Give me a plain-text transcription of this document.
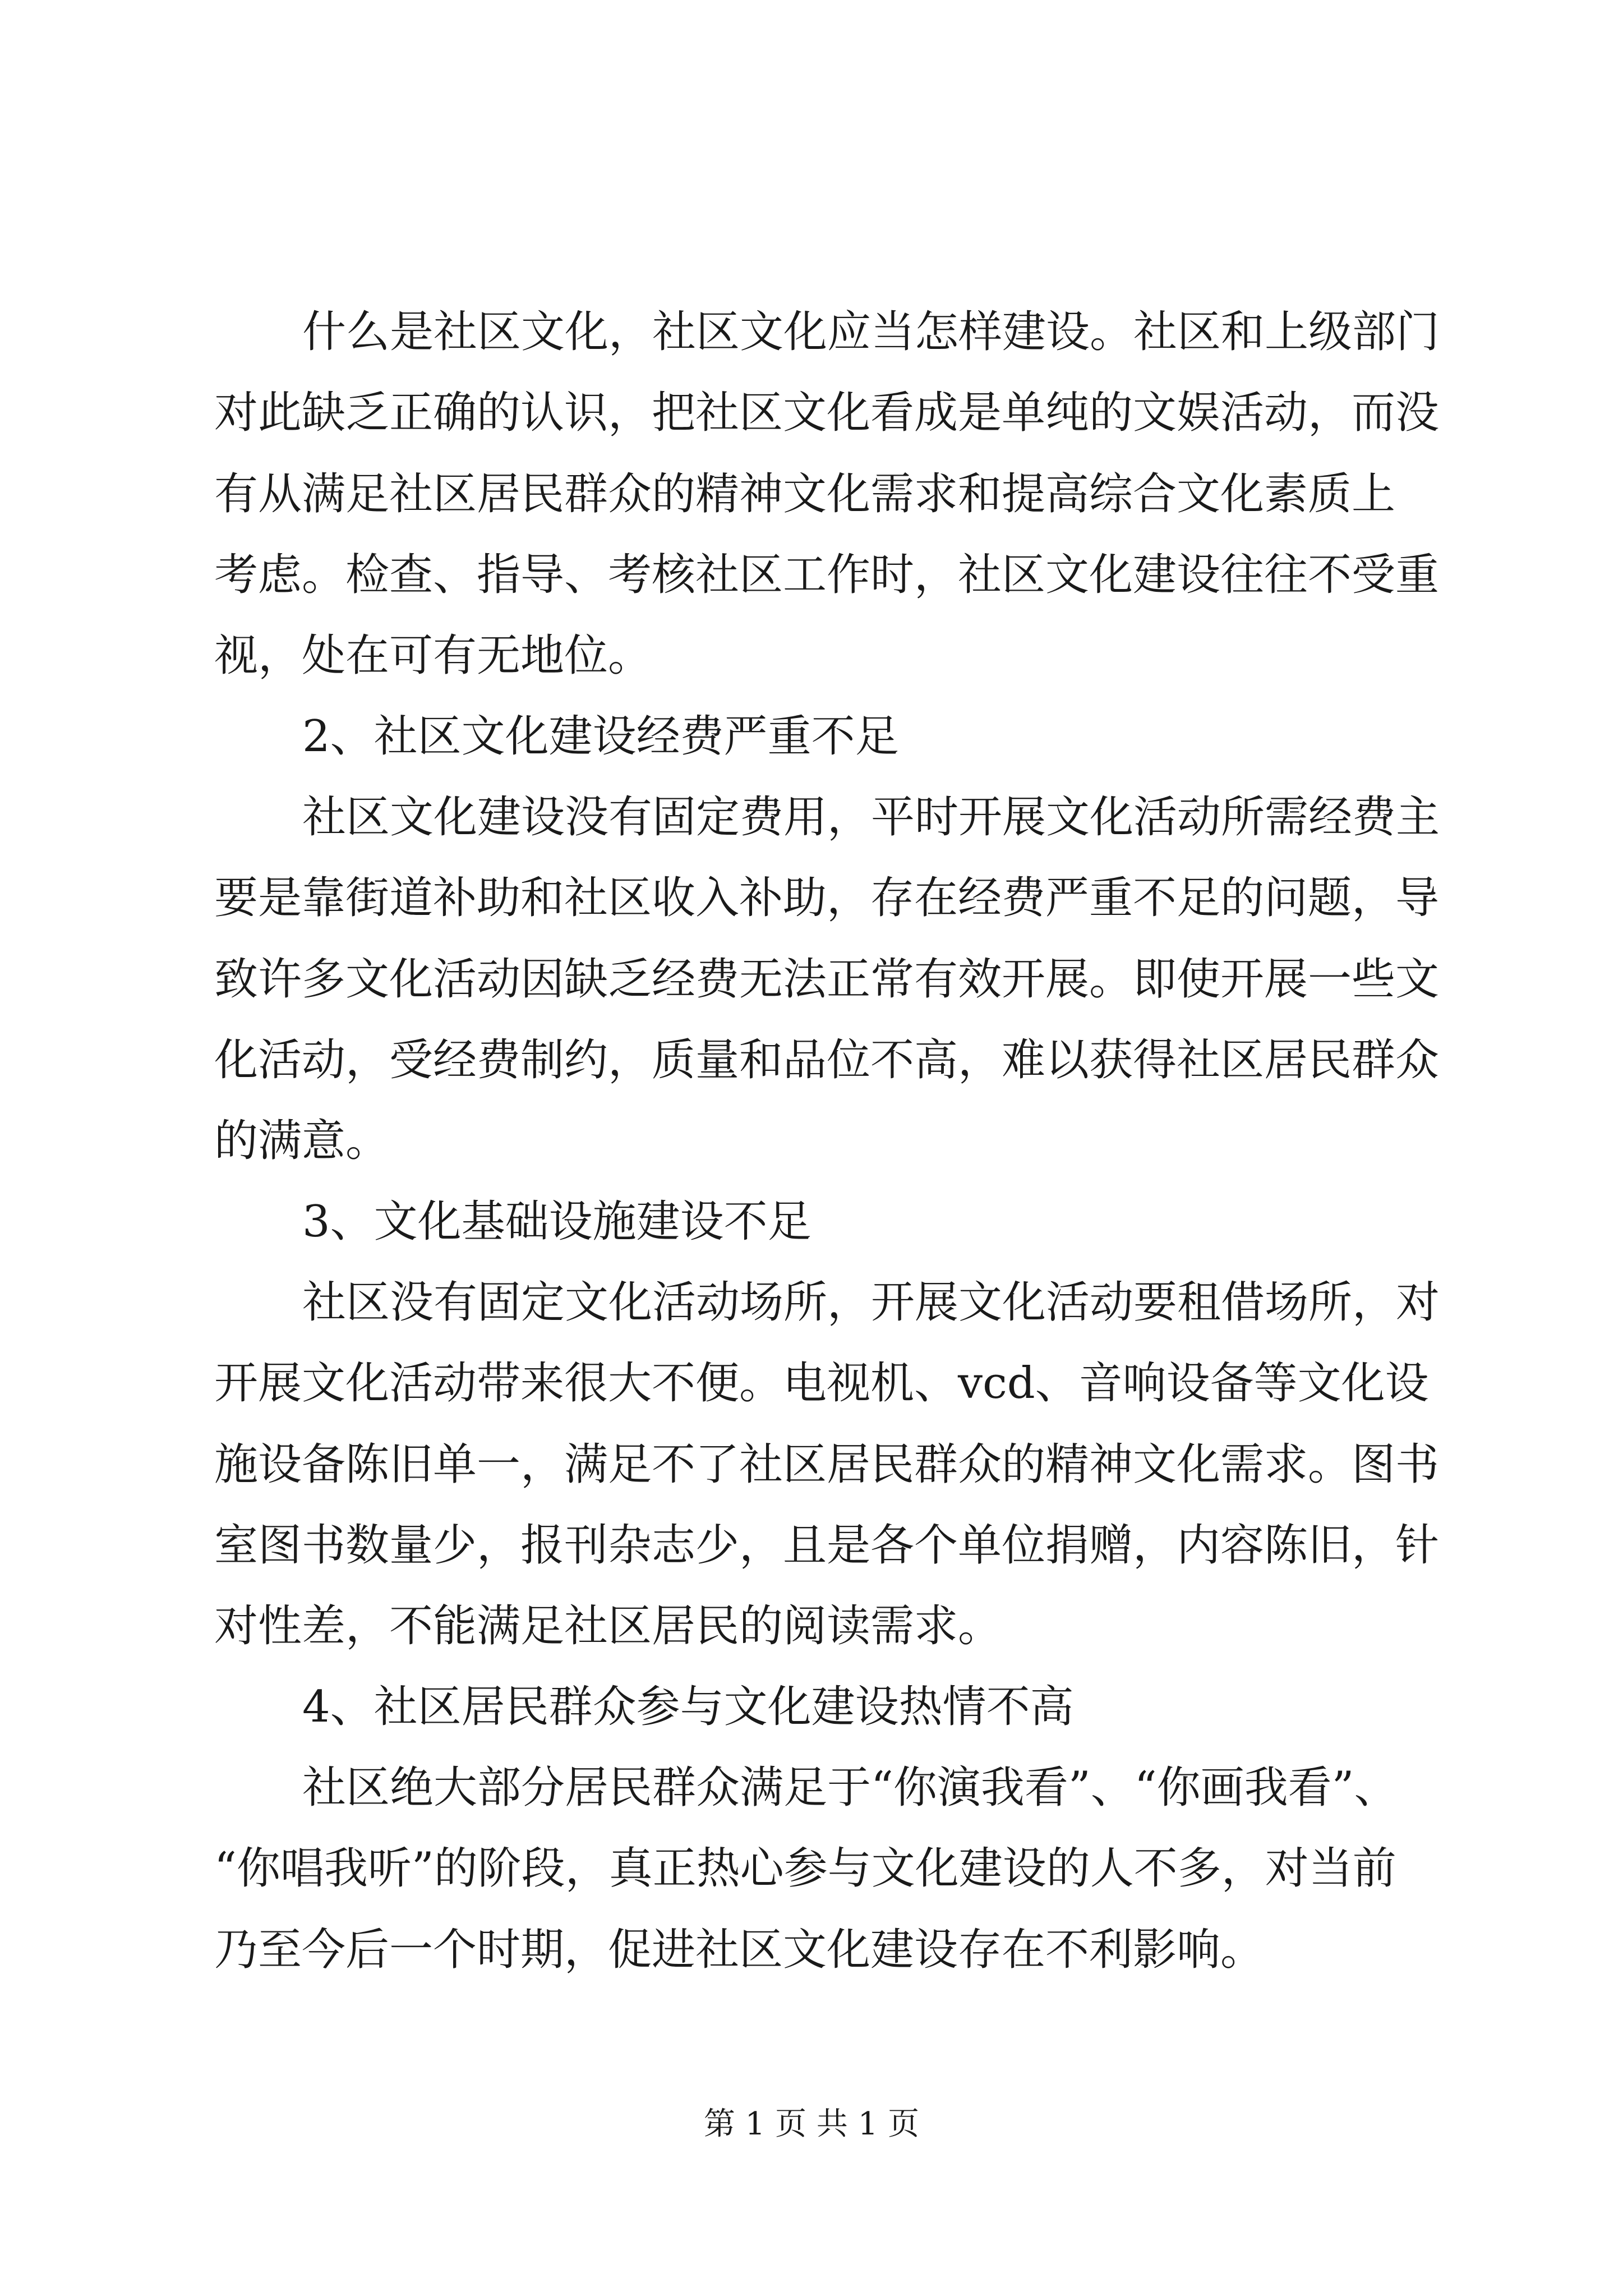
什么是社区文化，社区文化应当怎样建设。社区和上级部门
对此缺乏正确的认识，把社区文化看成是单纯的文娱活动，而没
有从满足社区居民群众的精神文化需求和提高综合文化素质上
考虑。检查、指导、考核社区工作时，社区文化建设往往不受重
视，处在可有无地位。
2、社区文化建设经费严重不足
社区文化建设没有固定费用，平时开展文化活动所需经费主
要是靠街道补助和社区收入补助，存在经费严重不足的问题，导
致许多文化活动因缺乏经费无法正常有效开展。即使开展一些文
化活动，受经费制约，质量和品位不高，难以获得社区居民群众
的满意。
3、文化基础设施建设不足
社区没有固定文化活动场所，开展文化活动要租借场所，对
开展文化活动带来很大不便。电视机、vcd、音响设备等文化设
施设备陈旧单一，满足不了社区居民群众的精神文化需求。图书
室图书数量少，报刊杂志少，且是各个单位捐赠，内容陈旧，针
对性差，不能满足社区居民的阅读需求。
4、社区居民群众参与文化建设热情不高
社区绝大部分居民群众满足于“你演我看”、“你画我看”、
“你唱我听”的阶段，真正热心参与文化建设的人不多，对当前
乃至今后一个时期，促进社区文化建设存在不利影响。
第 1 页 共 1 页
